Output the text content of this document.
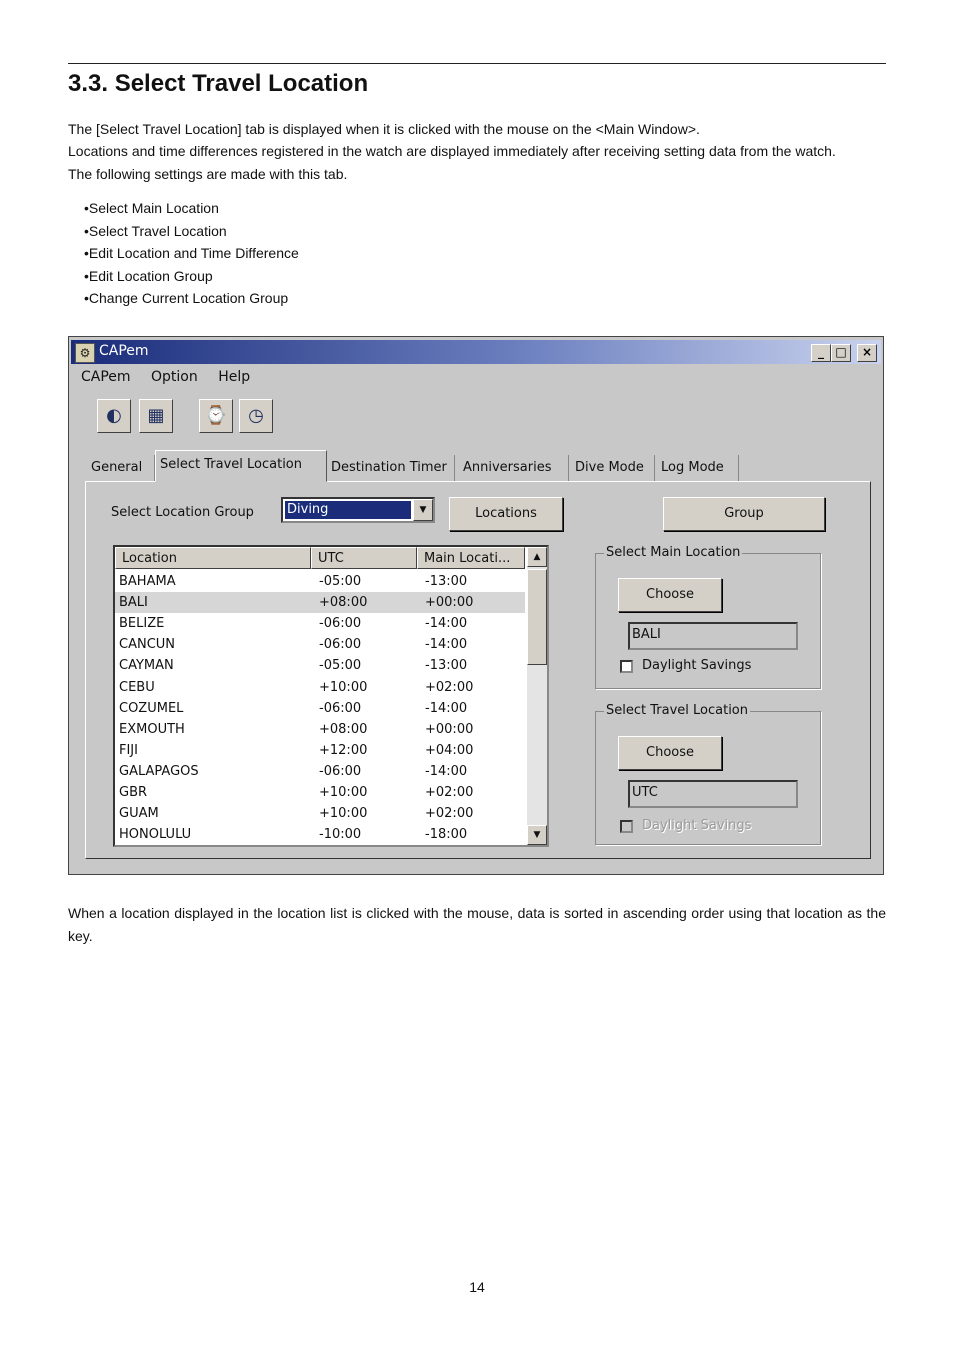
3.3. Select Travel Location

The [Select Travel Location] tab is displayed when it is clicked with the mouse on the <Main Window>.

Locations and time differences registered in the watch are displayed immediately after receiving setting data from the watch.

The following settings are made with this tab.

• Select Main Location
• Select Travel Location
• Edit Location and Time Difference
• Edit Location Group
• Change Current Location Group
⚙ CAPem	_ □	×
CAPem Option Help
◐	▦	⌚	◷
General	Select Travel Location	Destination Timer	Anniversaries	Dive Mode	Log Mode
Select Location Group	Diving	▼	Locations	Group
Location	UTC	Main Locati...
BAHAMA	-05:00	-13:00
BALI	+08:00	+00:00
BELIZE	-06:00	-14:00
CANCUN	-06:00	-14:00
CAYMAN	-05:00	-13:00
CEBU	+10:00	+02:00
COZUMEL	-06:00	-14:00
EXMOUTH	+08:00	+00:00
FIJI	+12:00	+04:00
GALAPAGOS	-06:00	-14:00
GBR	+10:00	+02:00
GUAM	+10:00	+02:00
HONOLULU	-10:00	-18:00
▲
▼
Select Main Location
Choose
BALI
Daylight Savings
Select Travel Location
Choose
UTC
Daylight Savings

When a location displayed in the location list is clicked with the mouse, data is sorted in ascending order using that location as the key.

14
